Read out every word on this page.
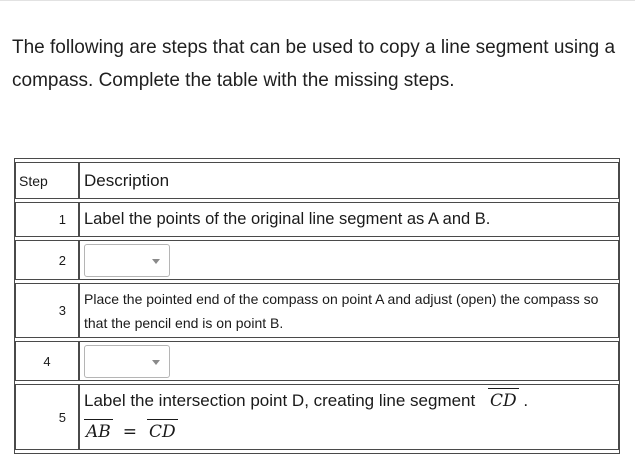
The following are steps that can be used to copy a line segment using a compass. Complete the table with the missing steps.
Step	Description

1	Label the points of the original line segment as A and B.

2	

3	Place the pointed end of the compass on point A and adjust (open) the compass so that the pencil end is on point B.

4	

5	Label the intersection point D, creating line segment CD .
AB = CD
